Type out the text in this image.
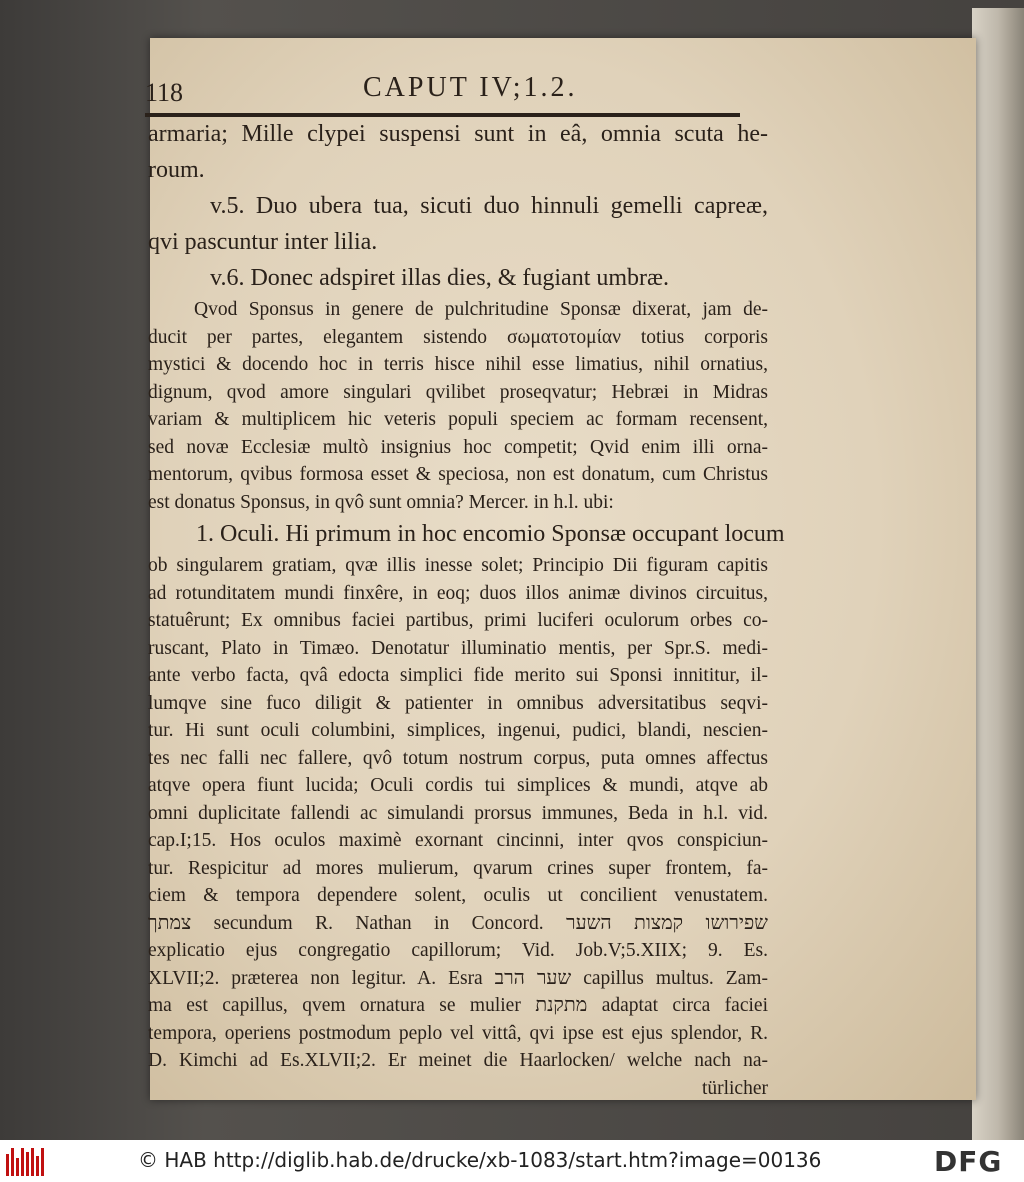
118	CAPUT IV;1.2.
armaria; Mille clypei suspensi sunt in eâ, omnia scuta he-
roum.
v.5. Duo ubera tua, sicuti duo hinnuli gemelli capreæ,
qvi pascuntur inter lilia.
v.6. Donec adspiret illas dies, & fugiant umbræ.
Qvod Sponsus in genere de pulchritudine Sponsæ dixerat, jam de-
ducit per partes, elegantem sistendo σωματοτομίαν totius corporis
mystici & docendo hoc in terris hisce nihil esse limatius, nihil ornatius,
dignum, qvod amore singulari qvilibet proseqvatur; Hebræi in Midras
variam & multiplicem hic veteris populi speciem ac formam recensent,
sed novæ Ecclesiæ multò insignius hoc competit; Qvid enim illi orna-
mentorum, qvibus formosa esset & speciosa, non est donatum, cum Christus
est donatus Sponsus, in qvô sunt omnia? Mercer. in h.l. ubi:
1. Oculi. Hi primum in hoc encomio Sponsæ occupant locum
ob singularem gratiam, qvæ illis inesse solet; Principio Dii figuram capitis
ad rotunditatem mundi finxêre, in eoq; duos illos animæ divinos circuitus,
statuêrunt; Ex omnibus faciei partibus, primi luciferi oculorum orbes co-
ruscant, Plato in Timæo. Denotatur illuminatio mentis, per Spr.S. medi-
ante verbo facta, qvâ edocta simplici fide merito sui Sponsi innititur, il-
lumqve sine fuco diligit & patienter in omnibus adversitatibus seqvi-
tur. Hi sunt oculi columbini, simplices, ingenui, pudici, blandi, nescien-
tes nec falli nec fallere, qvô totum nostrum corpus, puta omnes affectus
atqve opera fiunt lucida; Oculi cordis tui simplices & mundi, atqve ab
omni duplicitate fallendi ac simulandi prorsus immunes, Beda in h.l. vid.
cap.I;15. Hos oculos maximè exornant cincinni, inter qvos conspiciun-
tur. Respicitur ad mores mulierum, qvarum crines super frontem, fa-
ciem & tempora dependere solent, oculis ut concilient venustatem.
צמתך secundum R. Nathan in Concord. שפירושו קמצות השער
explicatio ejus congregatio capillorum; Vid. Job.V;5.XIIX; 9. Es.
XLVII;2. præterea non legitur. A. Esra שער הרב capillus multus. Zam-
ma est capillus, qvem ornatura se mulier מתקנת adaptat circa faciei
tempora, operiens postmodum peplo vel vittâ, qvi ipse est ejus splendor, R.
D. Kimchi ad Es.XLVII;2. Er meinet die Haarlocken/ welche nach na-
türlicher
© HAB http://diglib.hab.de/drucke/xb-1083/start.htm?image=00136	DFG
